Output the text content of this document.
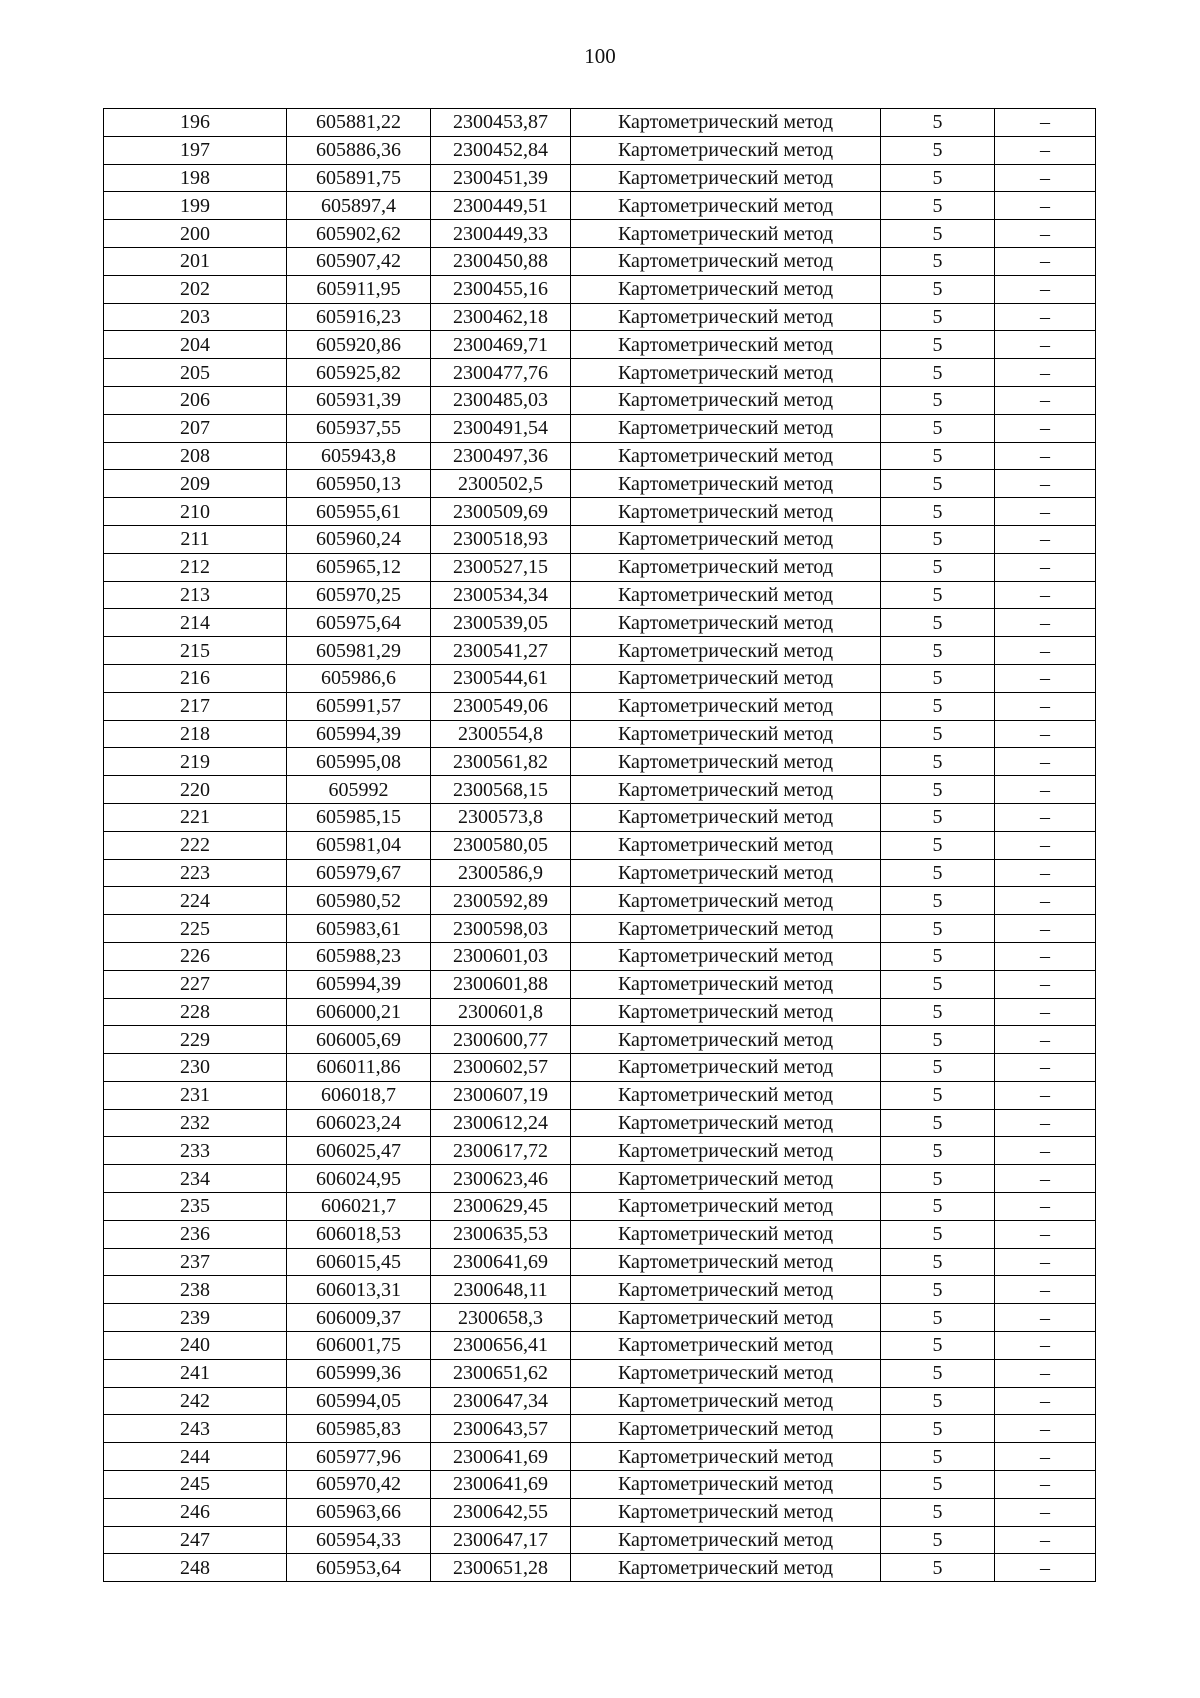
100
196	605881,22	2300453,87	Картометрический метод	5	–
197	605886,36	2300452,84	Картометрический метод	5	–
198	605891,75	2300451,39	Картометрический метод	5	–
199	605897,4	2300449,51	Картометрический метод	5	–
200	605902,62	2300449,33	Картометрический метод	5	–
201	605907,42	2300450,88	Картометрический метод	5	–
202	605911,95	2300455,16	Картометрический метод	5	–
203	605916,23	2300462,18	Картометрический метод	5	–
204	605920,86	2300469,71	Картометрический метод	5	–
205	605925,82	2300477,76	Картометрический метод	5	–
206	605931,39	2300485,03	Картометрический метод	5	–
207	605937,55	2300491,54	Картометрический метод	5	–
208	605943,8	2300497,36	Картометрический метод	5	–
209	605950,13	2300502,5	Картометрический метод	5	–
210	605955,61	2300509,69	Картометрический метод	5	–
211	605960,24	2300518,93	Картометрический метод	5	–
212	605965,12	2300527,15	Картометрический метод	5	–
213	605970,25	2300534,34	Картометрический метод	5	–
214	605975,64	2300539,05	Картометрический метод	5	–
215	605981,29	2300541,27	Картометрический метод	5	–
216	605986,6	2300544,61	Картометрический метод	5	–
217	605991,57	2300549,06	Картометрический метод	5	–
218	605994,39	2300554,8	Картометрический метод	5	–
219	605995,08	2300561,82	Картометрический метод	5	–
220	605992	2300568,15	Картометрический метод	5	–
221	605985,15	2300573,8	Картометрический метод	5	–
222	605981,04	2300580,05	Картометрический метод	5	–
223	605979,67	2300586,9	Картометрический метод	5	–
224	605980,52	2300592,89	Картометрический метод	5	–
225	605983,61	2300598,03	Картометрический метод	5	–
226	605988,23	2300601,03	Картометрический метод	5	–
227	605994,39	2300601,88	Картометрический метод	5	–
228	606000,21	2300601,8	Картометрический метод	5	–
229	606005,69	2300600,77	Картометрический метод	5	–
230	606011,86	2300602,57	Картометрический метод	5	–
231	606018,7	2300607,19	Картометрический метод	5	–
232	606023,24	2300612,24	Картометрический метод	5	–
233	606025,47	2300617,72	Картометрический метод	5	–
234	606024,95	2300623,46	Картометрический метод	5	–
235	606021,7	2300629,45	Картометрический метод	5	–
236	606018,53	2300635,53	Картометрический метод	5	–
237	606015,45	2300641,69	Картометрический метод	5	–
238	606013,31	2300648,11	Картометрический метод	5	–
239	606009,37	2300658,3	Картометрический метод	5	–
240	606001,75	2300656,41	Картометрический метод	5	–
241	605999,36	2300651,62	Картометрический метод	5	–
242	605994,05	2300647,34	Картометрический метод	5	–
243	605985,83	2300643,57	Картометрический метод	5	–
244	605977,96	2300641,69	Картометрический метод	5	–
245	605970,42	2300641,69	Картометрический метод	5	–
246	605963,66	2300642,55	Картометрический метод	5	–
247	605954,33	2300647,17	Картометрический метод	5	–
248	605953,64	2300651,28	Картометрический метод	5	–
